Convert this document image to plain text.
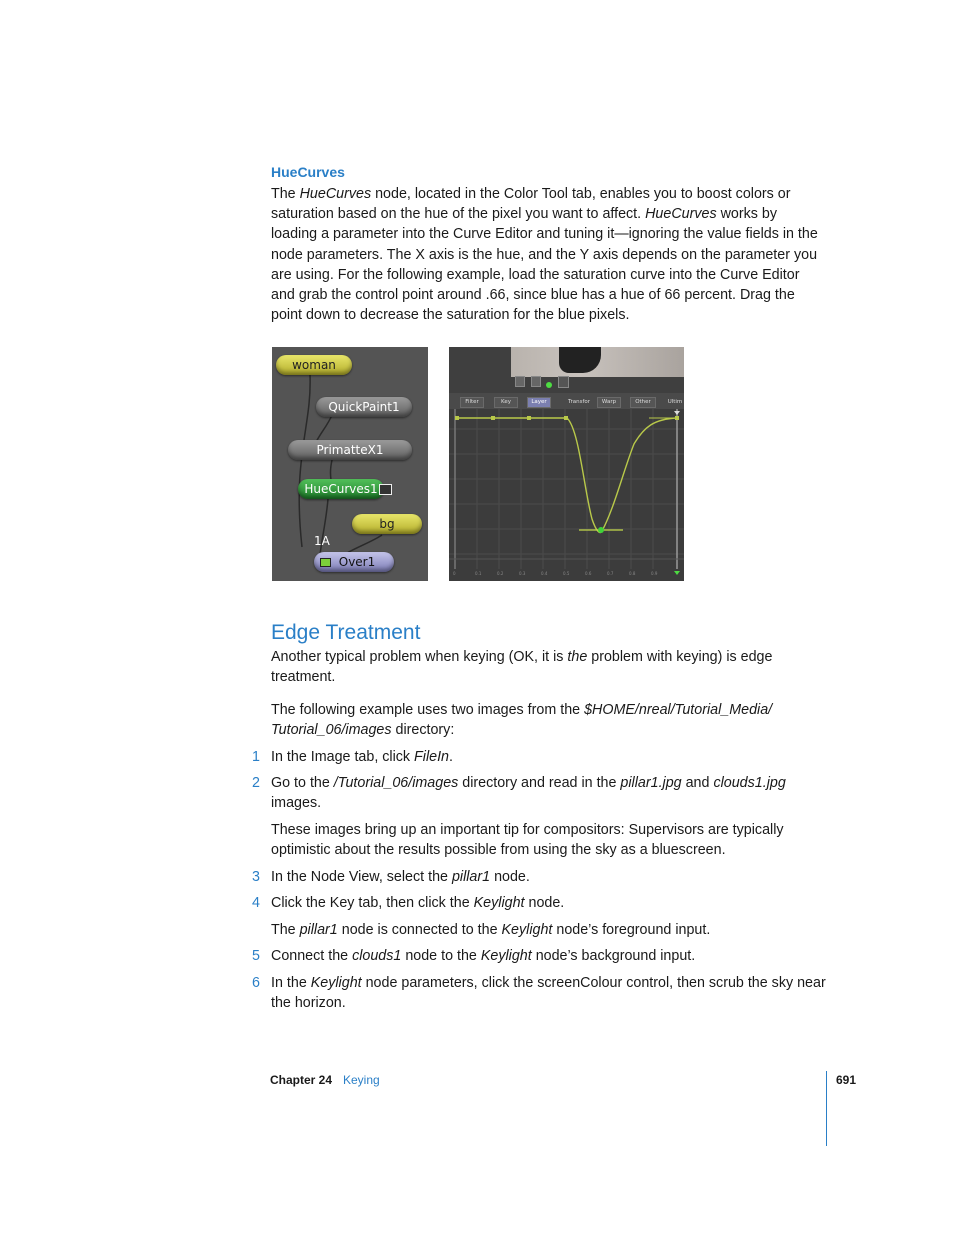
HueCurves
The HueCurves node, located in the Color Tool tab, enables you to boost colors or saturation based on the hue of the pixel you want to affect. HueCurves works by loading a parameter into the Curve Editor and tuning it—ignoring the value fields in the node parameters. The X axis is the hue, and the Y axis depends on the parameter you are using. For the following example, load the saturation curve into the Curve Editor and grab the control point around .66, since blue has a hue of 66 percent. Drag the point down to decrease the saturation for the blue pixels.
woman
QuickPaint1
PrimatteX1
HueCurves1
bg
1A
Over1
Filter	Key	Layer	Transfor	Warp	Other	Ultim
0	0.1	0.2	0.3	0.4	0.5	0.6	0.7	0.8	0.9
Edge Treatment
Another typical problem when keying (OK, it is the problem with keying) is edge treatment.
The following example uses two images from the $HOME/nreal/Tutorial_Media/ Tutorial_06/images directory:
1 In the Image tab, click FileIn.
2 Go to the /Tutorial_06/images directory and read in the pillar1.jpg and clouds1.jpg images.
These images bring up an important tip for compositors: Supervisors are typically optimistic about the results possible from using the sky as a bluescreen.
3 In the Node View, select the pillar1 node.
4 Click the Key tab, then click the Keylight node.
The pillar1 node is connected to the Keylight node’s foreground input.
5 Connect the clouds1 node to the Keylight node’s background input.
6 In the Keylight node parameters, click the screenColour control, then scrub the sky near the horizon.
Chapter 24 Keying	691
